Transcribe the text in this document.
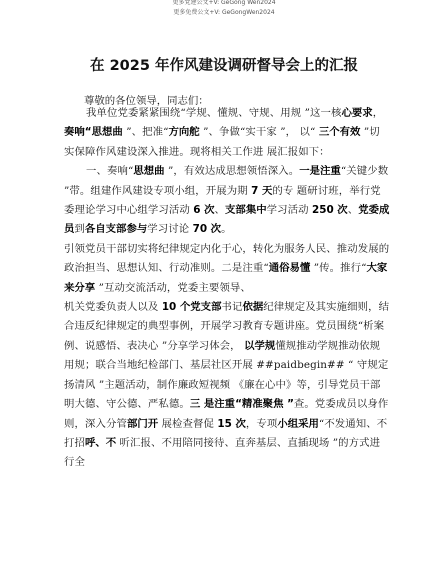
更多党建公文+V: GeGong Wen2024
更多免费公文+V: GeGongWen2024
在 2025 年作风建设调研督导会上的汇报

尊敬的各位领导，同志们：

我单位党委紧紧围绕“学规、懂规、守规、用规 ”这一核心要求，奏响“思想曲 ”、把准“方向舵 ”、争做“实干家 ”， 以“ 三个有效 ”切实保障作风建设深入推进。现将相关工作进 展汇报如下：

一、奏响“思想曲 ”，有效达成思想领悟深入。一是注重“关键少数 ”带。组建作风建设专项小组，开展为期 7 天的专 题研讨班，举行党委理论学习中心组学习活动 6 次、支部集中学习活动 250 次、党委成员到各自支部参与学习讨论 70 次。

引领党员干部切实将纪律规定内化于心，转化为服务人民、推动发展的政治担当、思想认知、行动准则。二是注重“通俗易懂 ”传。推行“大家来分享 ”互动交流活动，党委主要领导、

机关党委负责人以及 10 个党支部书记依据纪律规定及其实施细则，结合违反纪律规定的典型事例，开展学习教育专题讲座。党员围绕“析案例、说感悟、表决心 ”分享学习体会， 以学规懂规推动学规推动依规用规；联合当地纪检部门、基层社区开展 ##paidbegin## “ 守规定扬清风 ”主题活动，制作廉政短视频 《廉在心中》等，引导党员干部明大德、守公德、严私德。三 是注重“精准聚焦 ”查。党委成员以身作则，深入分管部门开 展检查督促 15 次，专项小组采用“不发通知、不打招呼、不 听汇报、不用陪同接待、直奔基层、直插现场 ”的方式进行全
